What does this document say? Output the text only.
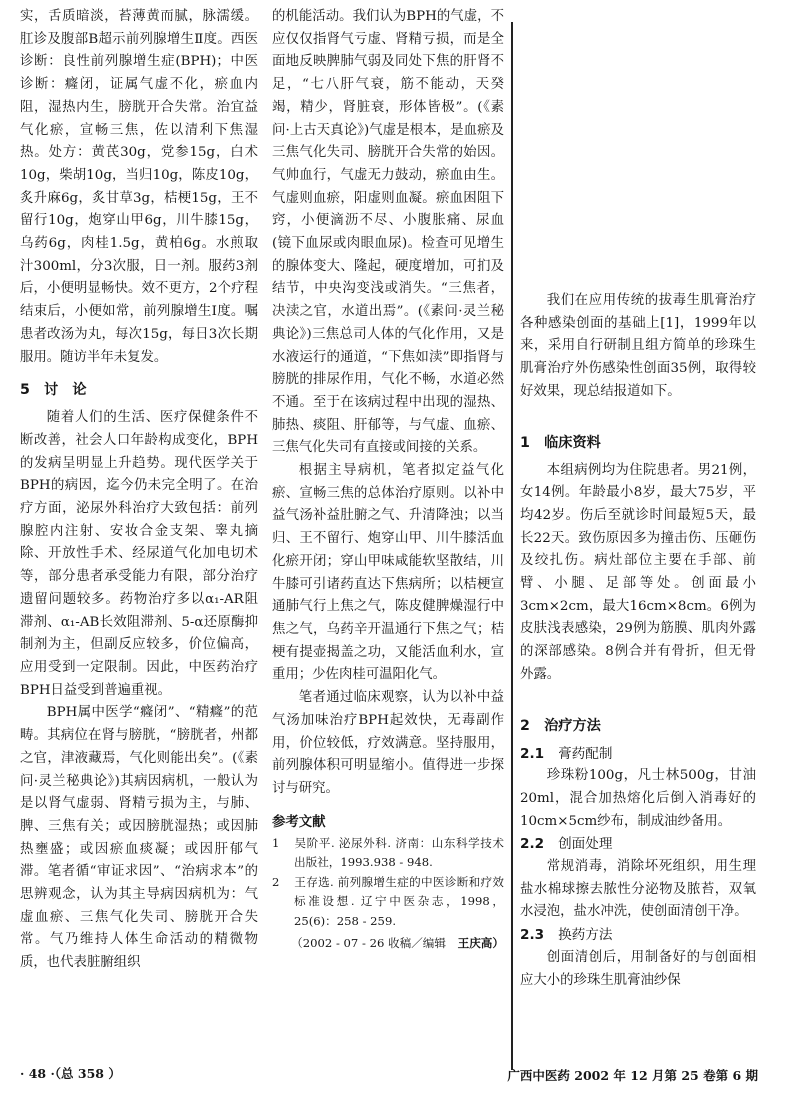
实，舌质暗淡，苔薄黄而腻，脉濡缓。肛诊及腹部B超示前列腺增生Ⅱ度。西医诊断：良性前列腺增生症(BPH)；中医诊断：癃闭，证属气虚不化，瘀血内阻，湿热内生，膀胱开合失常。治宜益气化瘀，宣畅三焦，佐以清利下焦湿热。处方：黄芪30g，党参15g，白术10g，柴胡10g，当归10g，陈皮10g，炙升麻6g，炙甘草3g，桔梗15g，王不留行10g，炮穿山甲6g，川牛膝15g，乌药6g，肉桂1.5g，黄柏6g。水煎取汁300ml，分3次服，日一剂。服药3剂后，小便明显畅快。效不更方，2个疗程结束后，小便如常，前列腺增生Ⅰ度。嘱患者改汤为丸，每次15g，每日3次长期服用。随访半年未复发。

5　讨　论

随着人们的生活、医疗保健条件不断改善，社会人口年龄构成变化，BPH的发病呈明显上升趋势。现代医学关于BPH的病因，迄今仍未完全明了。在治疗方面，泌尿外科治疗大致包括：前列腺腔内注射、安妆合金支架、睾丸摘除、开放性手术、经尿道气化加电切术等，部分患者承受能力有限，部分治疗遗留问题较多。药物治疗多以α₁-AR阻滞剂、α₁-AB长效阻滞剂、5-α还原酶抑制剂为主，但副反应较多，价位偏高，应用受到一定限制。因此，中医药治疗BPH日益受到普遍重视。

BPH属中医学“癃闭”、“精癃”的范畴。其病位在肾与膀胱，“膀胱者，州都之官，津液藏焉，气化则能出矣”。(《素问·灵兰秘典论》)其病因病机，一般认为是以肾气虚弱、肾精亏损为主，与肺、脾、三焦有关；或因膀胱湿热；或因肺热壅盛；或因瘀血痰凝；或因肝郁气滞。笔者循“审证求因”、“治病求本”的思辨观念，认为其主导病因病机为：气虚血瘀、三焦气化失司、膀胱开合失常。气乃维持人体生命活动的精微物质，也代表脏腑组织

的机能活动。我们认为BPH的气虚，不应仅仅指肾气亏虚、肾精亏损，而是全面地反映脾肺气弱及同处下焦的肝肾不足，“七八肝气衰，筋不能动，天癸竭，精少，肾脏衰，形体皆极”。(《素问·上古天真论》)气虚是根本，是血瘀及三焦气化失司、膀胱开合失常的始因。气帅血行，气虚无力鼓动，瘀血由生。气虚则血瘀，阳虚则血凝。瘀血困阻下窍，小便滴沥不尽、小腹胀痛、尿血(镜下血尿或肉眼血尿)。检查可见增生的腺体变大、隆起，硬度增加，可扪及结节，中央沟变浅或消失。“三焦者，决渎之官，水道出焉”。(《素问·灵兰秘典论》)三焦总司人体的气化作用，又是水液运行的通道，“下焦如渎”即指肾与膀胱的排尿作用，气化不畅，水道必然不通。至于在该病过程中出现的湿热、肺热、痰阻、肝郁等，与气虚、血瘀、三焦气化失司有直接或间接的关系。

根据主导病机，笔者拟定益气化瘀、宣畅三焦的总体治疗原则。以补中益气汤补益肚腑之气、升清降浊；以当归、王不留行、炮穿山甲、川牛膝活血化瘀开闭；穿山甲味咸能软坚散结，川牛膝可引诸药直达下焦病所；以桔梗宣通肺气行上焦之气，陈皮健脾燥湿行中焦之气，乌药辛开温通行下焦之气；桔梗有提壶揭盖之功，又能活血利水，宣重用；少佐肉桂可温阳化气。

笔者通过临床观察，认为以补中益气汤加味治疗BPH起效快，无毒副作用，价位较低，疗效满意。坚持服用，前列腺体积可明显缩小。值得进一步探讨与研究。

参考文献

1 吴阶平. 泌尿外科. 济南：山东科学技术出版社，1993.938 - 948.

2 王存选. 前列腺增生症的中医诊断和疗效标准设想. 辽宁中医杂志，1998，25(6)：258 - 259.

（2002 - 07 - 26 收稿／编辑　 王庆高）

我们在应用传统的拔毒生肌膏治疗各种感染创面的基础上[1]，1999年以来，采用自行研制且组方简单的珍珠生肌膏治疗外伤感染性创面35例，取得较好效果，现总结报道如下。

1　 临床资料

本组病例均为住院患者。男21例，女14例。年龄最小8岁，最大75岁，平均42岁。伤后至就诊时间最短5天，最长22天。致伤原因多为撞击伤、压砸伤及绞扎伤。病灶部位主要在手部、前臂、小腿、足部等处。创面最小3cm×2cm，最大16cm×8cm。6例为皮肤浅表感染，29例为筋膜、肌肉外露的深部感染。8例合并有骨折，但无骨外露。

2　 治疗方法
2.1 膏药配制

珍珠粉100g，凡士林500g，甘油20ml，混合加热熔化后倒入消毒好的10cm×5cm纱布，制成油纱备用。

2.2 创面处理

常规消毒，消除坏死组织，用生理盐水棉球擦去脓性分泌物及脓苔，双氧水浸泡，盐水冲洗，使创面清创干净。

2.3 换药方法

创面清创后，用制备好的与创面相应大小的珍珠生肌膏油纱保

· 48 ·（总 358 ）	广西中医药 2002 年 12 月第 25 卷第 6 期
